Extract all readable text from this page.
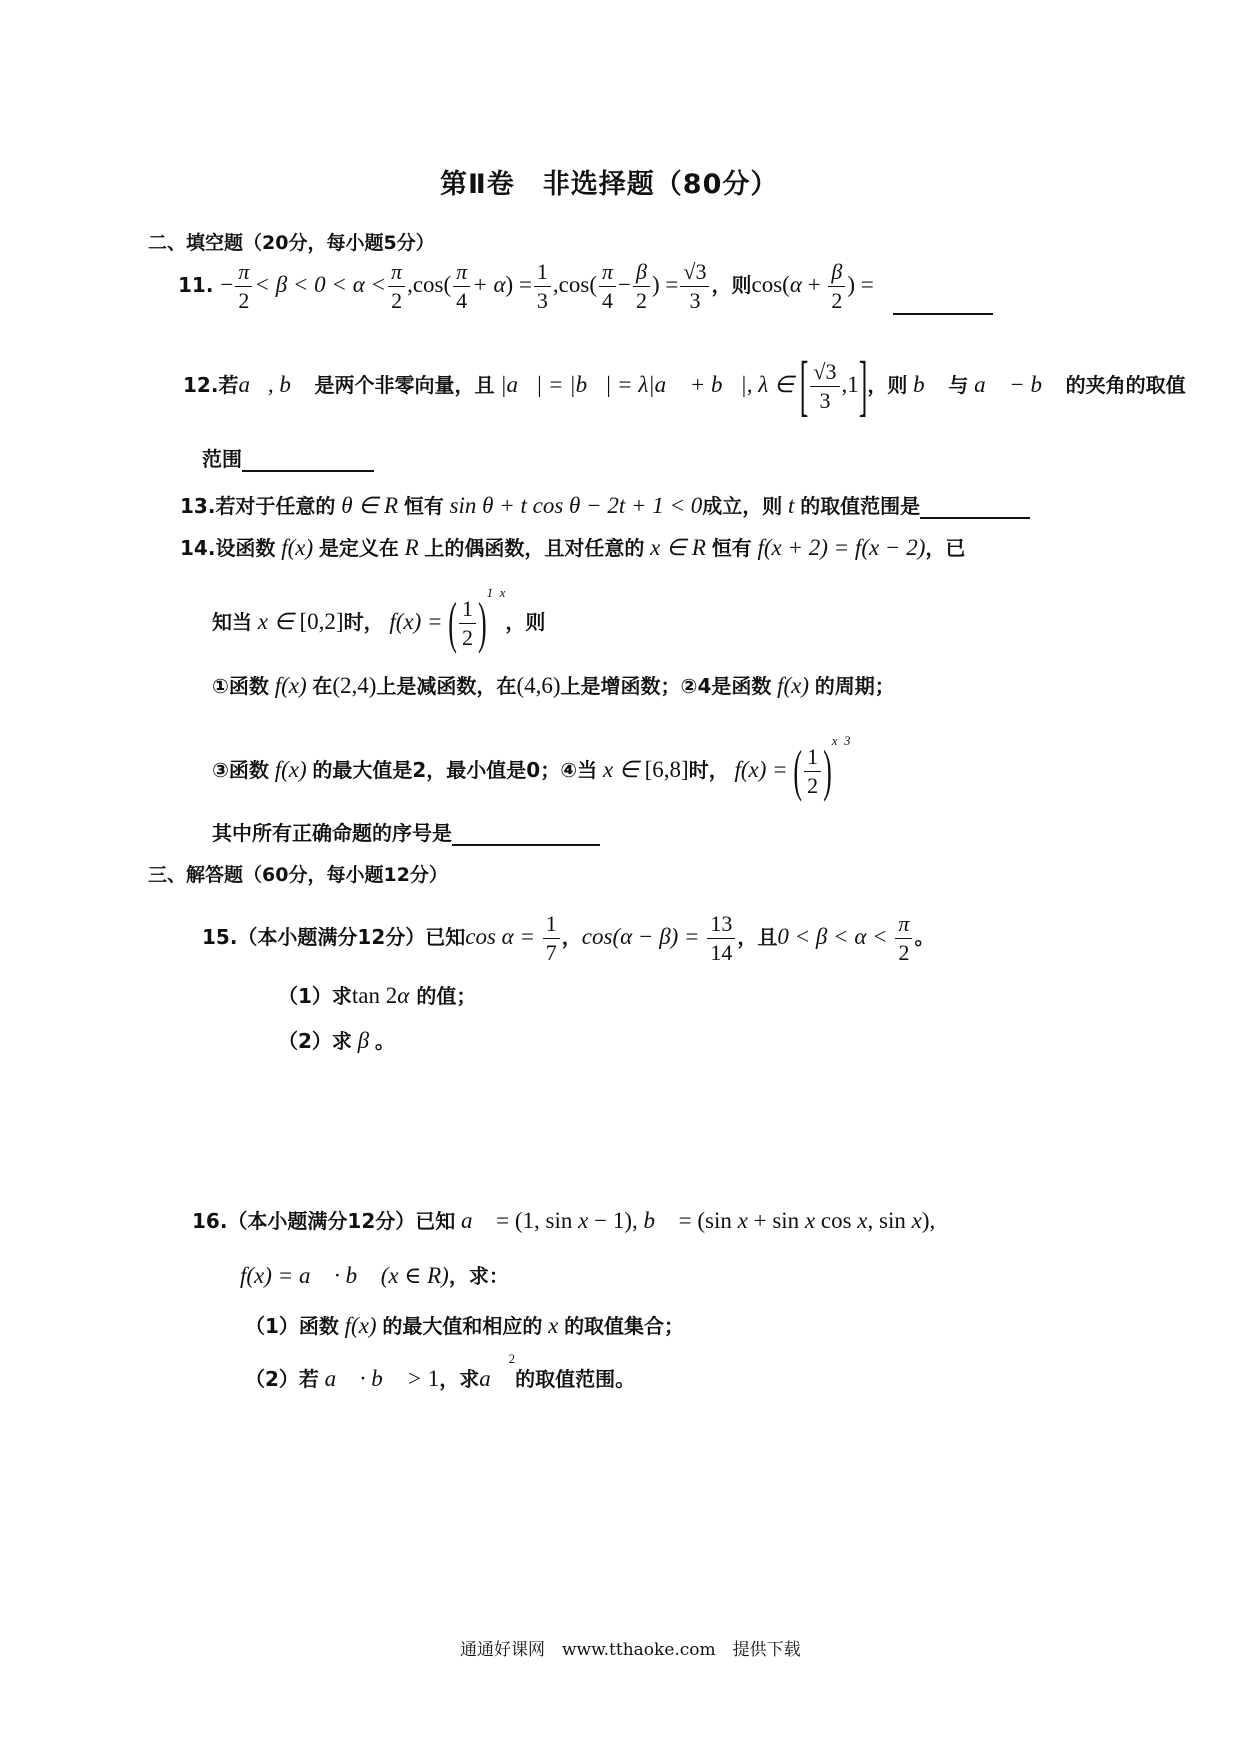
第Ⅱ卷　非选择题（80分）
二、填空题（20分，每小题5分）
11. − $\frac{\pi}{2} < \beta < 0 < \alpha < \frac{\pi}{2} ,\cos( \frac{\pi}{4} + \alpha) = \frac{1}{3} ,\cos( \frac{\pi}{4} - \frac{\beta}{2}$ ) = $\frac{√3}{3}$ ，则$\cos(\alpha + \frac{\beta}{2}$ ) =
12.若a⃗, b⃗ 是两个非零向量，且 |a⃗| = |b⃗| = λ|a⃗ + b⃗|, λ ∈ [ $\frac{√3}{3} ,1$]，则 b⃗ 与 a⃗ − b⃗ 的夹角的取值
范围
13.若对于任意的 θ ∈ R 恒有 sin θ + t cos θ − 2t + 1 < 0成立，则 t 的取值范围是
14.设函数 f(x) 是定义在 R 上的偶函数，且对任意的 x ∈ R 恒有 f(x + 2) = f(x − 2)，已
知当 x ∈ [0,2]时， f(x) = ( $\frac{1}{2} )^{1 x}$，则
①函数 f(x) 在(2,4)上是减函数，在(4,6)上是增函数；②4是函数 f(x) 的周期；
③函数 f(x) 的最大值是2，最小值是0；④当 x ∈ [6,8]时， f(x) = ( $\frac{1}{2} )^{x 3}$
其中所有正确命题的序号是
三、解答题（60分，每小题12分）
15.（本小题满分12分）已知$\cos \alpha = \frac{1}{7}$ ，$\cos(\alpha - \beta) = \frac{13}{14}$ ，且$0 < \beta < \alpha < \frac{\pi}{2}$ 。
（1）求tan 2α 的值；
（2）求 β 。
16.（本小题满分12分）已知 a⃗ = (1, sin x − 1), b⃗ = (sin x + sin x cos x, sin x),
f(x) = a⃗ · b⃗ (x ∈ R)，求：
（1）函数 f(x) 的最大值和相应的 x 的取值集合；
（2）若 a⃗ · b⃗ > 1，求a⃗$^2$的取值范围。
通通好课网　www.tthaoke.com　提供下载
